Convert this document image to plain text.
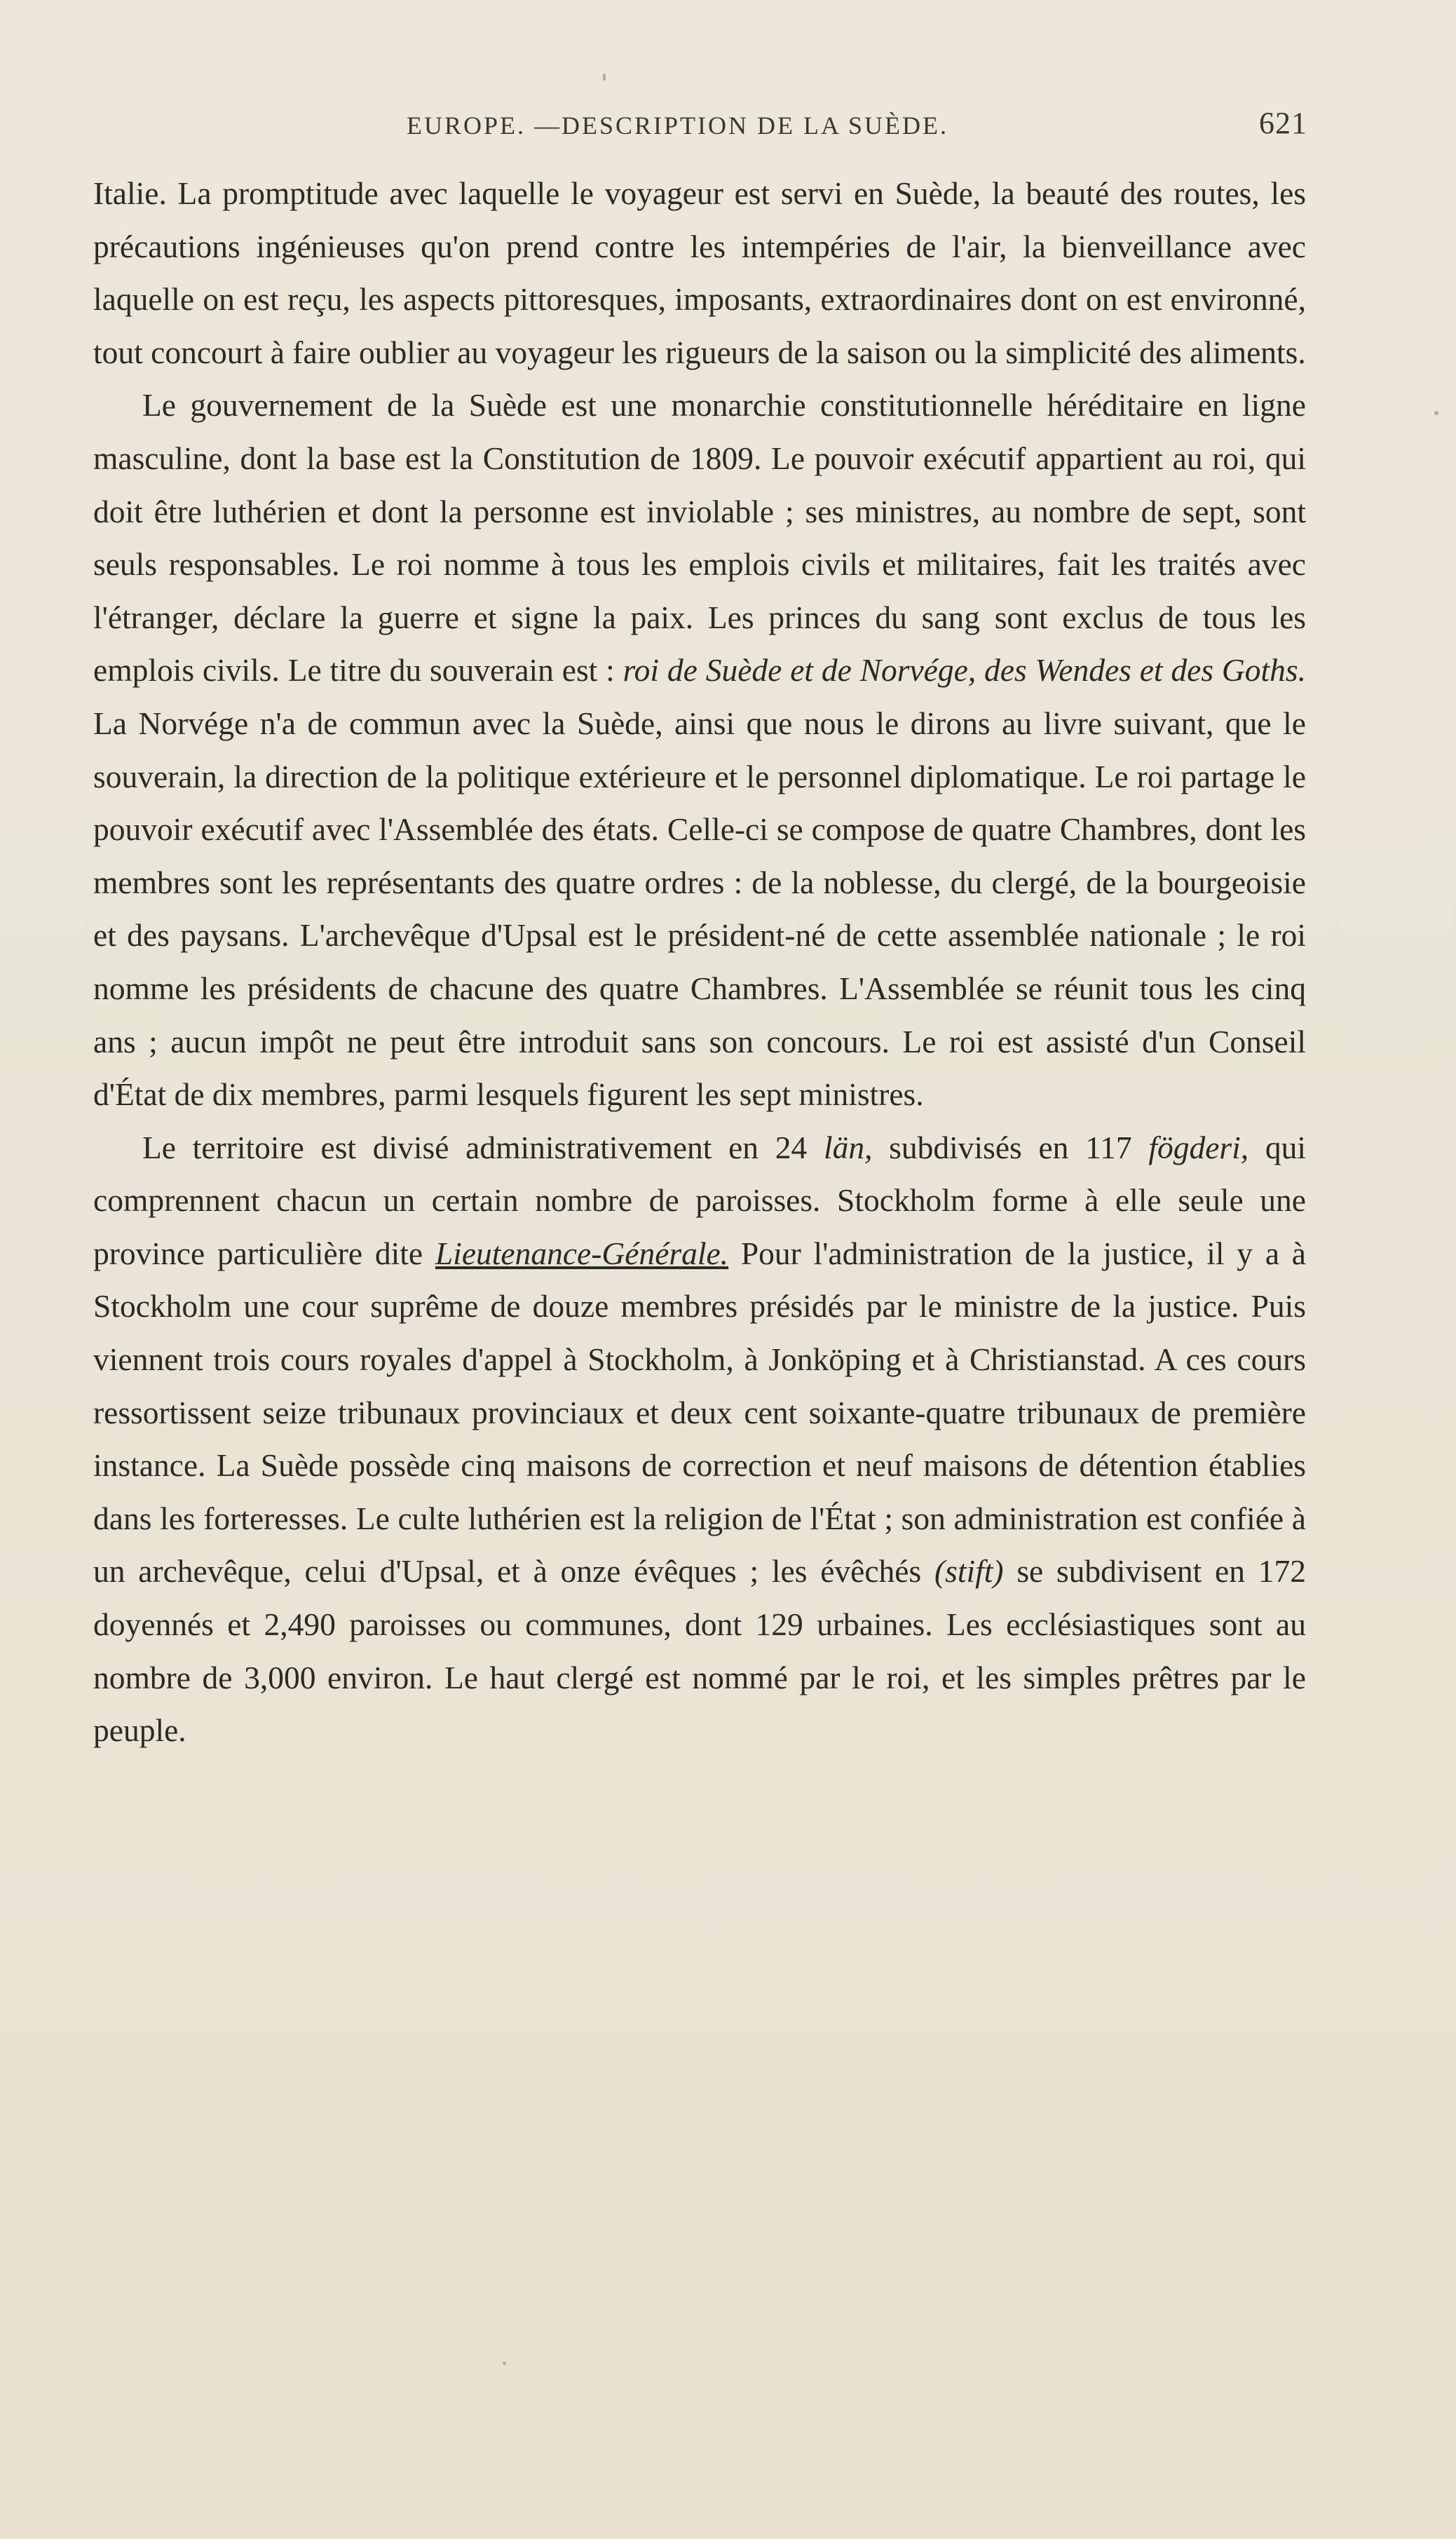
EUROPE. —DESCRIPTION DE LA SUÈDE.	621

Italie. La promptitude avec laquelle le voyageur est servi en Suède, la beauté des routes, les précautions ingénieuses qu'on prend contre les intempéries de l'air, la bienveillance avec laquelle on est reçu, les aspects pittoresques, imposants, extraordinaires dont on est environné, tout concourt à faire oublier au voyageur les rigueurs de la saison ou la simplicité des aliments.

Le gouvernement de la Suède est une monarchie constitutionnelle héréditaire en ligne masculine, dont la base est la Constitution de 1809. Le pouvoir exécutif appartient au roi, qui doit être luthérien et dont la personne est inviolable ; ses ministres, au nombre de sept, sont seuls responsables. Le roi nomme à tous les emplois civils et militaires, fait les traités avec l'étranger, déclare la guerre et signe la paix. Les princes du sang sont exclus de tous les emplois civils. Le titre du souverain est : roi de Suède et de Norvége, des Wendes et des Goths. La Norvége n'a de commun avec la Suède, ainsi que nous le dirons au livre suivant, que le souverain, la direction de la politique extérieure et le personnel diplomatique. Le roi partage le pouvoir exécutif avec l'Assemblée des états. Celle-ci se compose de quatre Chambres, dont les membres sont les représentants des quatre ordres : de la noblesse, du clergé, de la bourgeoisie et des paysans. L'archevêque d'Upsal est le président-né de cette assemblée nationale ; le roi nomme les présidents de chacune des quatre Chambres. L'Assemblée se réunit tous les cinq ans ; aucun impôt ne peut être introduit sans son concours. Le roi est assisté d'un Conseil d'État de dix membres, parmi lesquels figurent les sept ministres.

Le territoire est divisé administrativement en 24 län, subdivisés en 117 fögderi, qui comprennent chacun un certain nombre de paroisses. Stockholm forme à elle seule une province particulière dite Lieutenance-Générale. Pour l'administration de la justice, il y a à Stockholm une cour suprême de douze membres présidés par le ministre de la justice. Puis viennent trois cours royales d'appel à Stockholm, à Jonköping et à Christianstad. A ces cours ressortissent seize tribunaux provinciaux et deux cent soixante-quatre tribunaux de première instance. La Suède possède cinq maisons de correction et neuf maisons de détention établies dans les forteresses. Le culte luthérien est la religion de l'État ; son administration est confiée à un archevêque, celui d'Upsal, et à onze évêques ; les évêchés (stift) se subdivisent en 172 doyennés et 2,490 paroisses ou communes, dont 129 urbaines. Les ecclésiastiques sont au nombre de 3,000 environ. Le haut clergé est nommé par le roi, et les simples prêtres par le peuple.
